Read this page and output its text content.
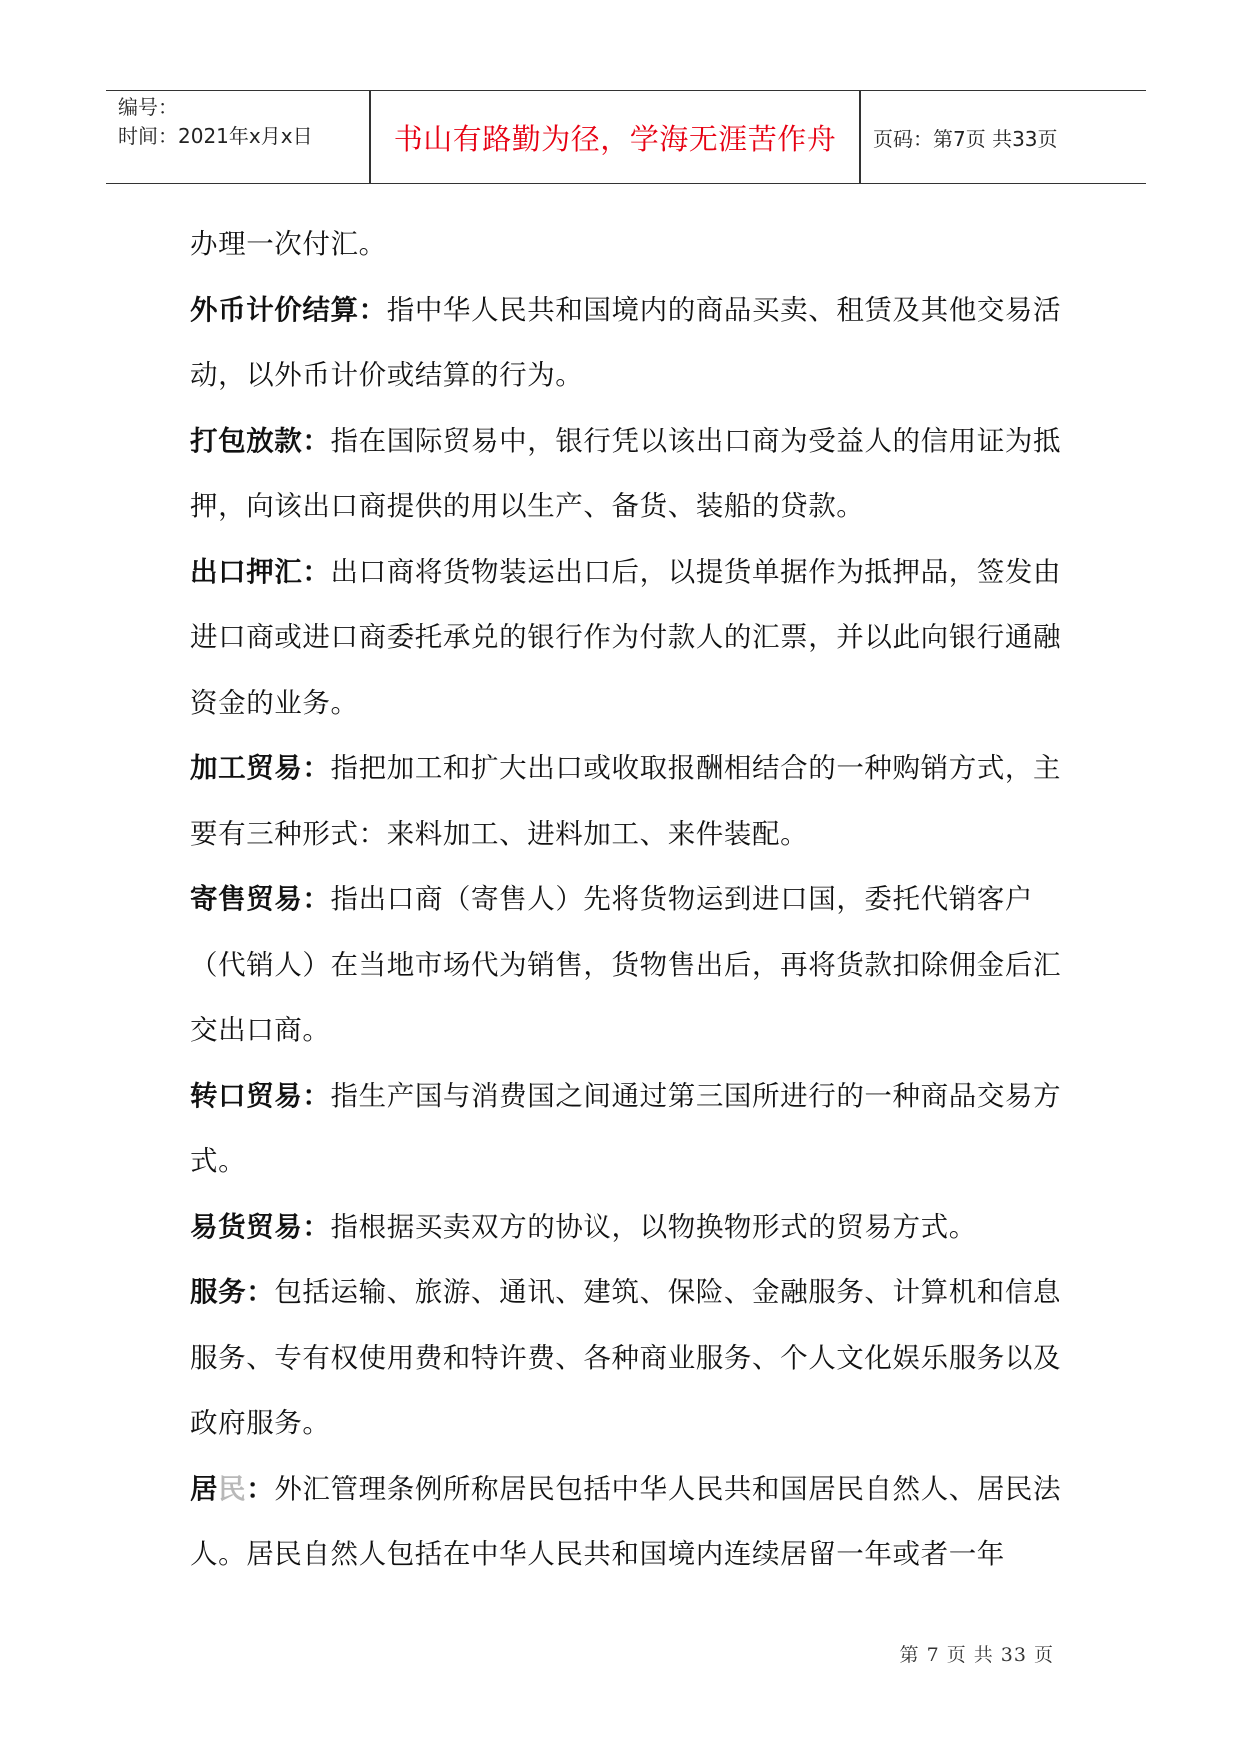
编号：
时间：2021年x月x日	书山有路勤为径，学海无涯苦作舟	页码：第7页 共33页

办理一次付汇。

外币计价结算：指中华人民共和国境内的商品买卖、租赁及其他交易活动，以外币计价或结算的行为。

打包放款：指在国际贸易中，银行凭以该出口商为受益人的信用证为抵押，向该出口商提供的用以生产、备货、装船的贷款。

出口押汇：出口商将货物装运出口后，以提货单据作为抵押品，签发由进口商或进口商委托承兑的银行作为付款人的汇票，并以此向银行通融资金的业务。

加工贸易：指把加工和扩大出口或收取报酬相结合的一种购销方式，主要有三种形式：来料加工、进料加工、来件装配。

寄售贸易：指出口商（寄售人）先将货物运到进口国，委托代销客户（代销人）在当地市场代为销售，货物售出后，再将货款扣除佣金后汇交出口商。

转口贸易：指生产国与消费国之间通过第三国所进行的一种商品交易方式。

易货贸易：指根据买卖双方的协议，以物换物形式的贸易方式。

服务：包括运输、旅游、通讯、建筑、保险、金融服务、计算机和信息服务、专有权使用费和特许费、各种商业服务、个人文化娱乐服务以及政府服务。

居民：外汇管理条例所称居民包括中华人民共和国居民自然人、居民法人。居民自然人包括在中华人民共和国境内连续居留一年或者一年

第 7 页 共 33 页
